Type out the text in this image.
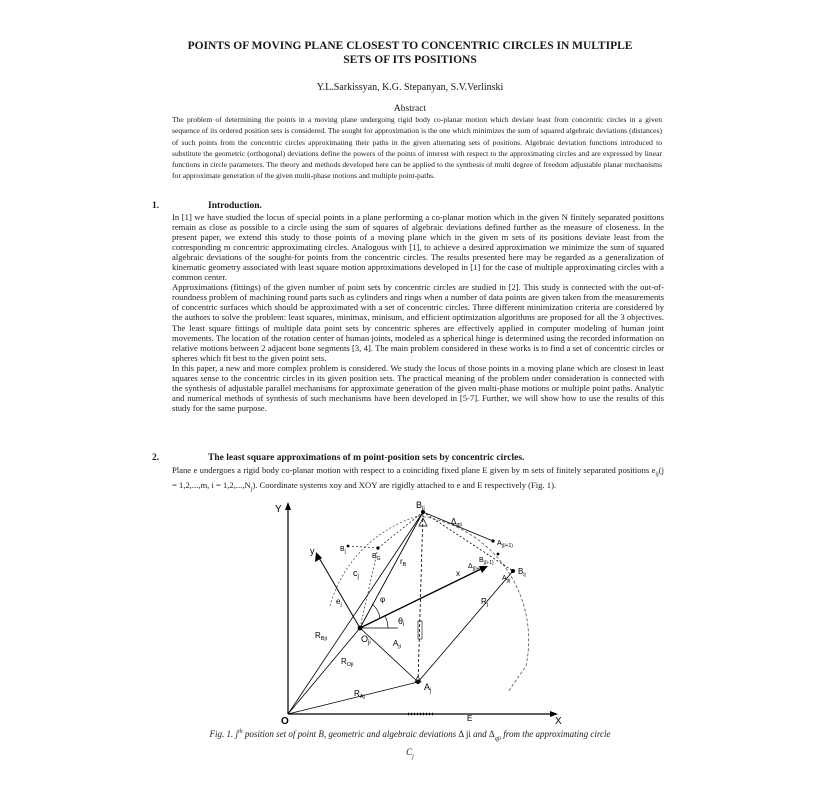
POINTS OF MOVING PLANE CLOSEST TO CONCENTRIC CIRCLES IN MULTIPLE
SETS OF ITS POSITIONS
Y.L.Sarkissyan, K.G. Stepanyan, S.V.Verlinski
Abstract
The problem of determining the points in a moving plane undergoing rigid body co-planar motion which deviate least from concentric circles in a given sequence of its ordered position sets is considered. The sought for approximation is the one which minimizes the sum of squared algebraic deviations (distances) of such points from the concentric circles approximating their paths in the given alternating sets of positions. Algebraic deviation functions introduced to substitute the geometric (orthogonal) deviations define the powers of the points of interest with respect to the approximating circles and are expressed by linear functions in circle parameters. The theory and methods developed here can be applied to the synthesis of multi degree of freedom adjustable planar mechanisms for approximate generation of the given multi-phase motions and multiple point-paths.
1.	Introduction.

In [1] we have studied the locus of special points in a plane performing a co-planar motion which in the given N finitely separated positions remain as close as possible to a circle using the sum of squares of algebraic deviations defined further as the measure of closeness. In the present paper, we extend this study to those points of a moving plane which in the given m sets of its positions deviate least from the corresponding m concentric approximating circles. Analogous with [1], to achieve a desired approximation we minimize the sum of squared algebraic deviations of the sought-for points from the concentric circles. The results presented here may be regarded as a generalization of kinematic geometry associated with least square motion approximations developed in [1] for the case of multiple approximating circles with a common center.

Approximations (fittings) of the given number of point sets by concentric circles are studied in [2]. This study is connected with the out-of-roundness problem of machining round parts such as cylinders and rings when a number of data points are given taken from the measurements of concentric surfaces which should be approximated with a set of concentric circles. Three different minimization criteria are considered by the authors to solve the problem: least squares, minimax, minisum, and efficient optimization algorithms are proposed for all the 3 objectives. The least square fittings of multiple data point sets by concentric spheres are effectively applied in computer modeling of human joint movements. The location of the rotation center of human joints, modeled as a spherical hinge is determined using the recorded information on relative motions between 2 adjacent bone segments [3, 4]. The main problem considered in these works is to find a set of concentric circles or spheres which fit best to the given point sets.

In this paper, a new and more complex problem is considered. We study the locus of those points in a moving plane which are closest in least squares sense to the concentric circles in its given position sets. The practical meaning of the problem under consideration is connected with the synthesis of adjustable parallel mechanisms for approximate generation of the given multi-phase motions or multiple point paths. Analytic and numerical methods of synthesis of such mechanisms have been developed in [5-7]. Further, we will show how to use the results of this study for the same purpose.

2.	The least square approximations of m point-position sets by concentric circles.

Plane e undergoes a rigid body co-planar motion with respect to a coinciding fixed plane E given by m sets of finitely separated positions $e_{ij}(j = 1,2,...,m$, $i = 1,2,...,N_j$). Coordinate systems xoy and XOY are rigidly attached to e and E respectively (Fig. 1).

Y
X
O	E
y
x
$B_{ji}$
$A_j$
$O_{ji}$
$c_j$
$\theta_i$
φ
$r_B$
$R_j$
$R_{Bji}$
$R_{Oji}$
$R_{Aj}$
$A_{ji}$
$B_G$
$B_j$
$B_{ij}$
$B_{j(i-1)}$
$A_{j(i+1)}$
$A_{jij}$
$\Delta_{qji}$
$\Delta_{j(i+1)}$
$e_j$
Fig. 1. $j^{th}$ position set of point B, geometric and algebraic deviations Δ ji and $\Delta_{qji}$ from the approximating circle
$C_j$
